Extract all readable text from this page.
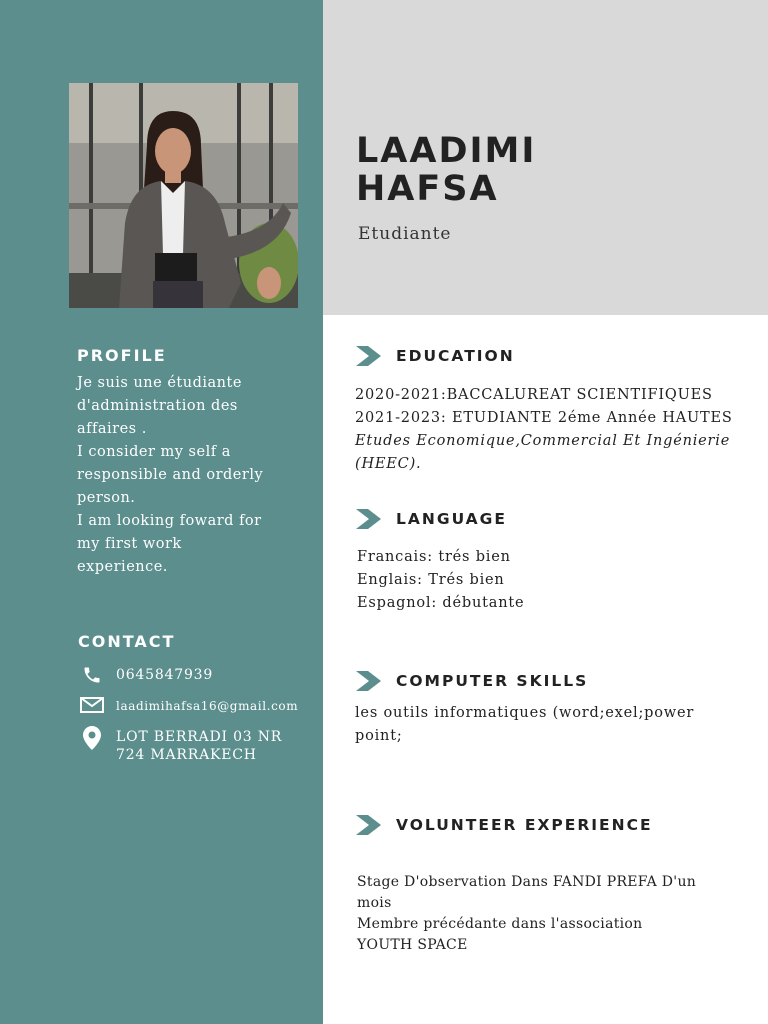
LAADIMI
HAFSA
Etudiante
PROFILE
Je suis une étudiante
d'administration des
affaires .
I consider my self a
responsible and orderly
person.
I am looking foward for
my first work
experience.
CONTACT
0645847939
laadimihafsa16@gmail.com
LOT BERRADI 03 NR
724 MARRAKECH
EDUCATION
2020-2021:BACCALUREAT SCIENTIFIQUES
2021-2023: ETUDIANTE 2éme Année HAUTES
Etudes Economique,Commercial Et Ingénierie
(HEEC).
LANGUAGE
Francais: trés bien
Englais: Trés bien
Espagnol: débutante
COMPUTER SKILLS
les outils informatiques (word;exel;power
point;
VOLUNTEER EXPERIENCE
Stage D'observation Dans FANDI PREFA D'un
mois
Membre précédante dans l'association
YOUTH SPACE
